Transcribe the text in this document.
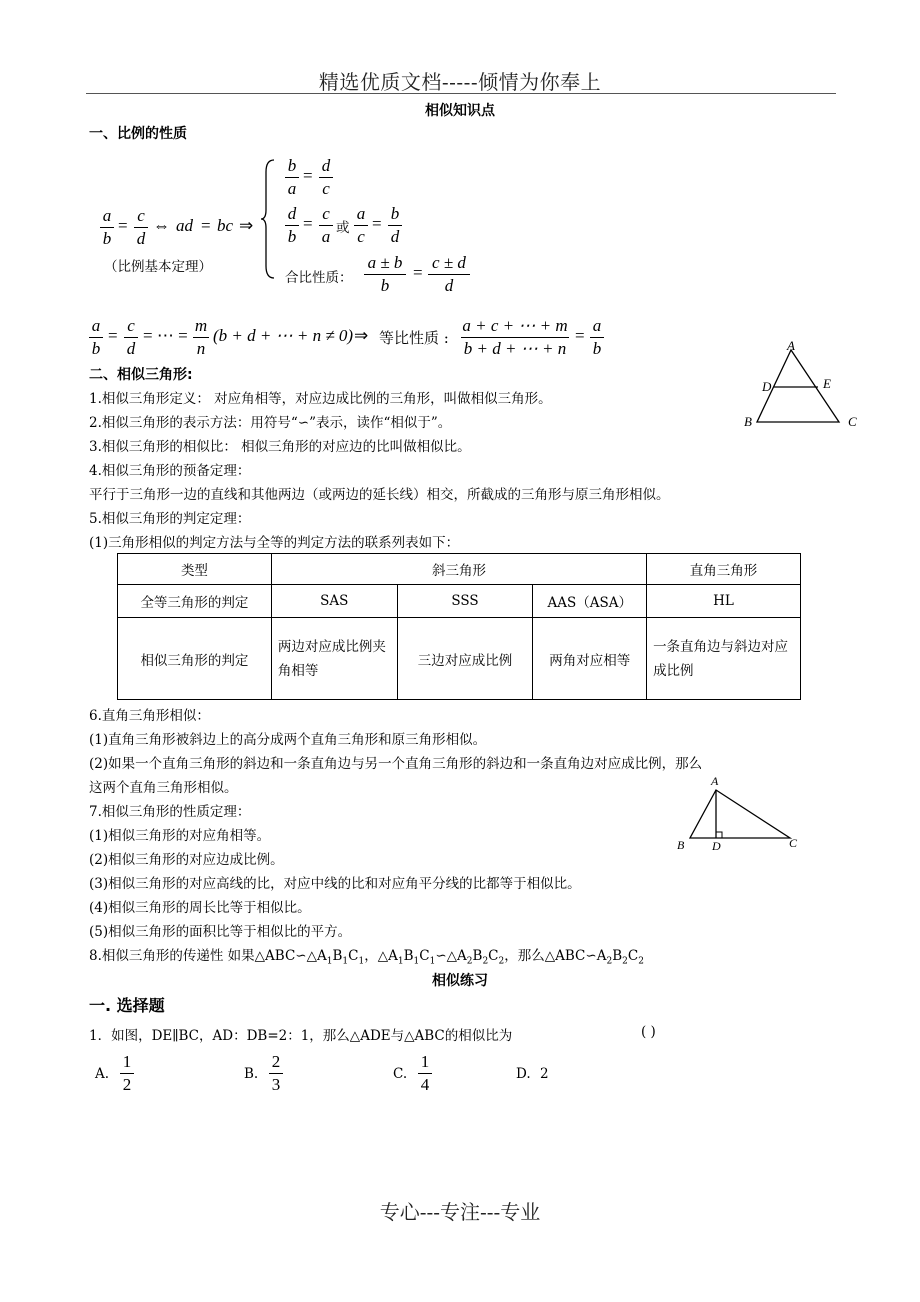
精选优质文档-----倾情为你奉上
相似知识点
一、比例的性质
a
b
=
c
d
⇔ ad = bc ⇒
b
a
=
d
c
d
b
=
c
a 或
a
c
=
b
d
合比性质：
a ± b
b
=
c ± d
d
（比例基本定理）
a
b
=
c
d
= ⋯ =
m
n
(b + d + ⋯ + n ≠ 0) ⇒ 等比性质 :
a + c + ⋯ + m
b + d + ⋯ + n
=
a
b
二、相似三角形:
1.相似三角形定义： 对应角相等，对应边成比例的三角形，叫做相似三角形。
2.相似三角形的表示方法：用符号“∽”表示，读作“相似于”。
3.相似三角形的相似比： 相似三角形的对应边的比叫做相似比。
4.相似三角形的预备定理：
平行于三角形一边的直线和其他两边（或两边的延长线）相交，所截成的三角形与原三角形相似。
5.相似三角形的判定定理：
(1)三角形相似的判定方法与全等的判定方法的联系列表如下：
A
D	E
B	C
类型	斜三角形			直角三角形
全等三角形的判定	SAS	SSS	AAS（ASA）	HL
相似三角形的判定	两边对应成比例夹角相等	三边对应成比例	两角对应相等	一条直角边与斜边对应成比例
6.直角三角形相似：
(1)直角三角形被斜边上的高分成两个直角三角形和原三角形相似。
(2)如果一个直角三角形的斜边和一条直角边与另一个直角三角形的斜边和一条直角边对应成比例，那么
这两个直角三角形相似。
7.相似三角形的性质定理：
(1)相似三角形的对应角相等。
(2)相似三角形的对应边成比例。
(3)相似三角形的对应高线的比，对应中线的比和对应角平分线的比都等于相似比。
(4)相似三角形的周长比等于相似比。
(5)相似三角形的面积比等于相似比的平方。
8.相似三角形的传递性 如果$\triangle ABC∽\triangle A_1B_1C_1$，$\triangle A_1B_1C_1∽\triangle A_2B_2C_2$，那么$\triangle ABC∽A_2B_2C_2$
A
B D	C
相似练习
一. 选择题
1．如图，DE∥BC，AD：DB=2：1，那么△ADE与△ABC的相似比为	( )
A.
1
2
B.
2
3
C.
1
4
D. 2
专心---专注---专业
